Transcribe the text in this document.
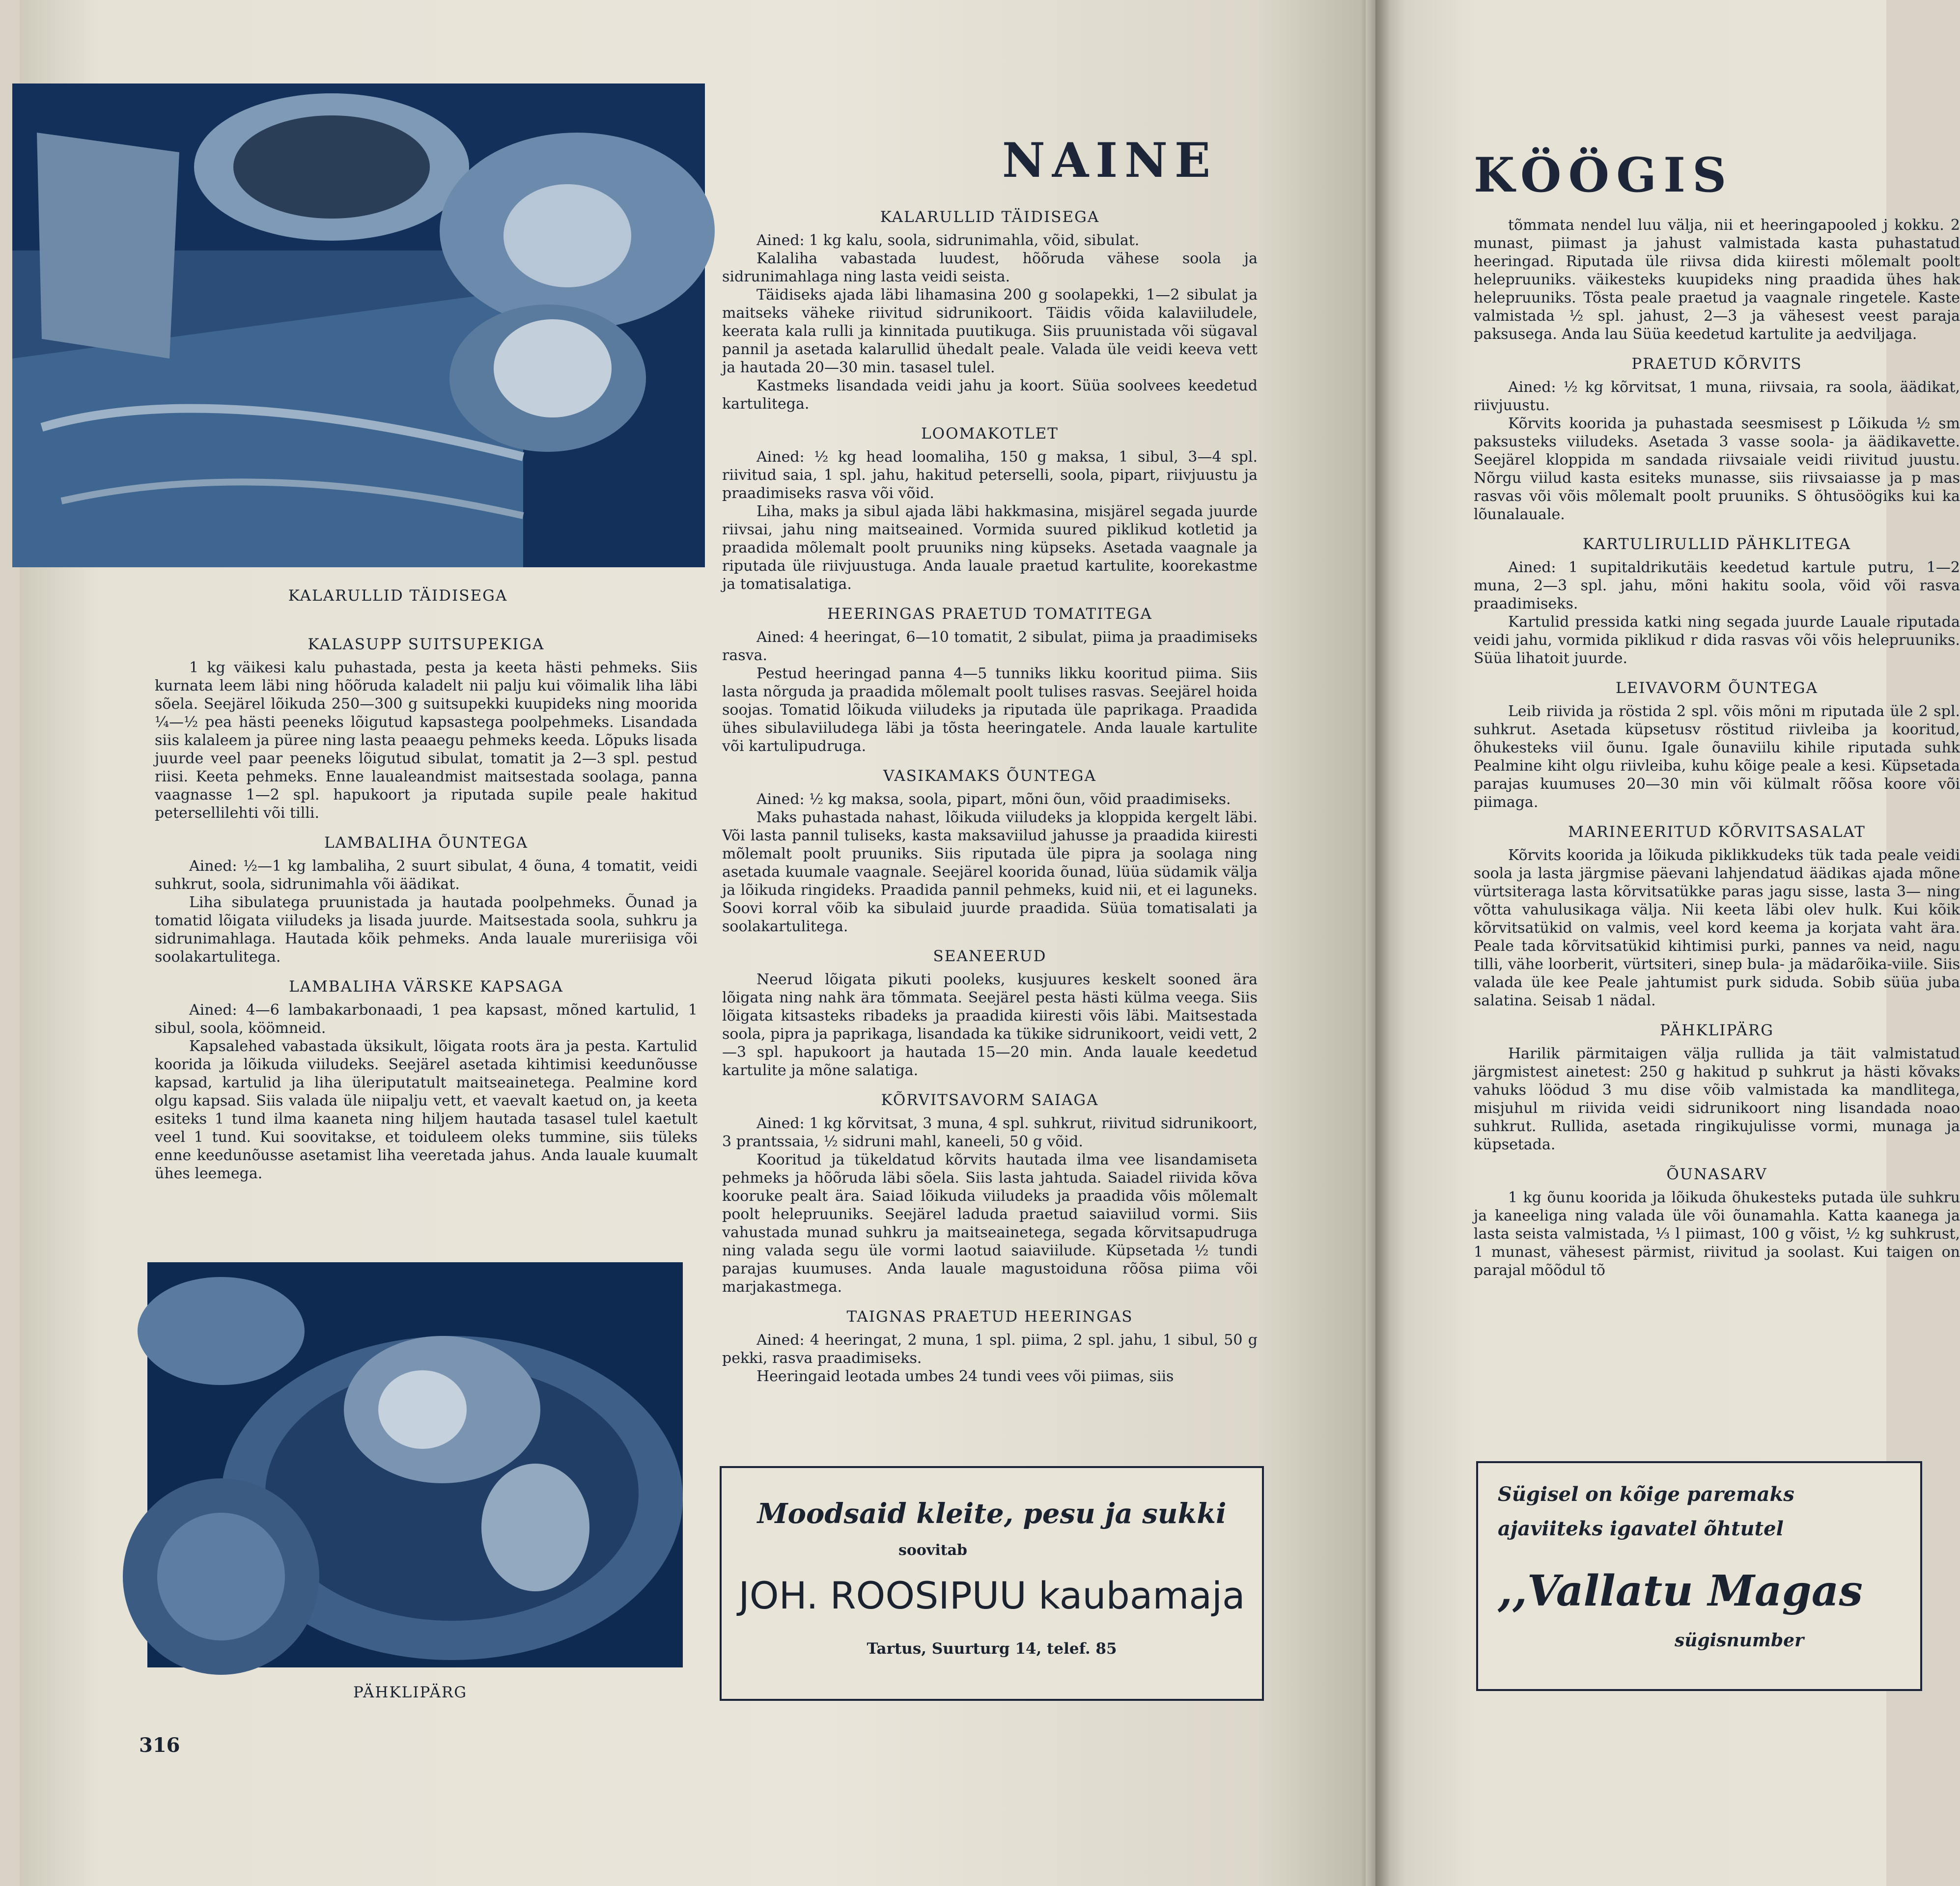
NAINE
KALARULLID TÄIDISEGA
KALASUPP SUITSUPEKIGA

1 kg väikesi kalu puhastada, pesta ja keeta hästi pehmeks. Siis kurnata leem läbi ning hõõruda kaladelt nii palju kui võimalik liha läbi sõela. Seejärel lõikuda 250—300 g suitsupekki kuupideks ning moorida ¼—½ pea hästi peeneks lõigutud kapsastega poolpehmeks. Lisandada siis kalaleem ja püree ning lasta peaaegu pehmeks keeda. Lõpuks lisada juurde veel paar peeneks lõigutud sibulat, tomatit ja 2—3 spl. pestud riisi. Keeta pehmeks. Enne laualeandmist maitsestada soolaga, panna vaagnasse 1—2 spl. hapukoort ja riputada supile peale hakitud petersellilehti või tilli.

LAMBALIHA ÕUNTEGA

Ained: ½—1 kg lambaliha, 2 suurt sibulat, 4 õuna, 4 tomatit, veidi suhkrut, soola, sidrunimahla või äädikat.

Liha sibulatega pruunistada ja hautada poolpehmeks. Õunad ja tomatid lõigata viiludeks ja lisada juurde. Maitsestada soola, suhkru ja sidrunimahlaga. Hautada kõik pehmeks. Anda lauale mureriisiga või soolakartulitega.

LAMBALIHA VÄRSKE KAPSAGA

Ained: 4—6 lambakarbonaadi, 1 pea kapsast, mõned kartulid, 1 sibul, soola, köömneid.

Kapsalehed vabastada üksikult, lõigata roots ära ja pesta. Kartulid koorida ja lõikuda viiludeks. Seejärel asetada kihtimisi keedunõusse kapsad, kartulid ja liha üleriputatult maitseainetega. Pealmine kord olgu kapsad. Siis valada üle niipalju vett, et vaevalt kaetud on, ja keeta esiteks 1 tund ilma kaaneta ning hiljem hautada tasasel tulel kaetult veel 1 tund. Kui soovitakse, et toiduleem oleks tummine, siis tüleks enne keedunõusse asetamist liha veeretada jahus. Anda lauale kuumalt ühes leemega.

PÄHKLIPÄRG
316
KALARULLID TÄIDISEGA

Ained: 1 kg kalu, soola, sidrunimahla, võid, sibulat.

Kalaliha vabastada luudest, hõõruda vähese soola ja sidrunimahlaga ning lasta veidi seista.

Täidiseks ajada läbi lihamasina 200 g soolapekki, 1—2 sibulat ja maitseks väheke riivitud sidrunikoort. Täidis võida kalaviiludele, keerata kala rulli ja kinnitada puutikuga. Siis pruunistada või sügaval pannil ja asetada kalarullid ühedalt peale. Valada üle veidi keeva vett ja hautada 20—30 min. tasasel tulel.

Kastmeks lisandada veidi jahu ja koort. Süüa soolvees keedetud kartulitega.

LOOMAKOTLET

Ained: ½ kg head loomaliha, 150 g maksa, 1 sibul, 3—4 spl. riivitud saia, 1 spl. jahu, hakitud peterselli, soola, pipart, riivjuustu ja praadimiseks rasva või võid.

Liha, maks ja sibul ajada läbi hakkmasina, misjärel segada juurde riivsai, jahu ning maitseained. Vormida suured piklikud kotletid ja praadida mõlemalt poolt pruuniks ning küpseks. Asetada vaagnale ja riputada üle riivjuustuga. Anda lauale praetud kartulite, koorekastme ja tomatisalatiga.

HEERINGAS PRAETUD TOMATITEGA

Ained: 4 heeringat, 6—10 tomatit, 2 sibulat, piima ja praadimiseks rasva.

Pestud heeringad panna 4—5 tunniks likku kooritud piima. Siis lasta nõrguda ja praadida mõlemalt poolt tulises rasvas. Seejärel hoida soojas. Tomatid lõikuda viiludeks ja riputada üle paprikaga. Praadida ühes sibulaviiludega läbi ja tõsta heeringatele. Anda lauale kartulite või kartulipudruga.

VASIKAMAKS ÕUNTEGA

Ained: ½ kg maksa, soola, pipart, mõni õun, võid praadimiseks.

Maks puhastada nahast, lõikuda viiludeks ja kloppida kergelt läbi. Või lasta pannil tuliseks, kasta maksaviilud jahusse ja praadida kiiresti mõlemalt poolt pruuniks. Siis riputada üle pipra ja soolaga ning asetada kuumale vaagnale. Seejärel koorida õunad, lüüa südamik välja ja lõikuda ringideks. Praadida pannil pehmeks, kuid nii, et ei laguneks. Soovi korral võib ka sibulaid juurde praadida. Süüa tomatisalati ja soolakartulitega.

SEANEERUD

Neerud lõigata pikuti pooleks, kusjuures keskelt sooned ära lõigata ning nahk ära tõmmata. Seejärel pesta hästi külma veega. Siis lõigata kitsasteks ribadeks ja praadida kiiresti võis läbi. Maitsestada soola, pipra ja paprikaga, lisandada ka tükike sidrunikoort, veidi vett, 2—3 spl. hapukoort ja hautada 15—20 min. Anda lauale keedetud kartulite ja mõne salatiga.

KÕRVITSAVORM SAIAGA

Ained: 1 kg kõrvitsat, 3 muna, 4 spl. suhkrut, riivitud sidrunikoort, 3 prantssaia, ½ sidruni mahl, kaneeli, 50 g võid.

Kooritud ja tükeldatud kõrvits hautada ilma vee lisandamiseta pehmeks ja hõõruda läbi sõela. Siis lasta jahtuda. Saiadel riivida kõva kooruke pealt ära. Saiad lõikuda viiludeks ja praadida võis mõlemalt poolt helepruuniks. Seejärel laduda praetud saiaviilud vormi. Siis vahustada munad suhkru ja maitseainetega, segada kõrvitsapudruga ning valada segu üle vormi laotud saiaviilude. Küpsetada ½ tundi parajas kuumuses. Anda lauale magustoiduna rõõsa piima või marjakastmega.

TAIGNAS PRAETUD HEERINGAS

Ained: 4 heeringat, 2 muna, 1 spl. piima, 2 spl. jahu, 1 sibul, 50 g pekki, rasva praadimiseks.

Heeringaid leotada umbes 24 tundi vees või piimas, siis

Moodsaid kleite, pesu ja sukki
soovitab
JOH. ROOSIPUU kaubamaja
Tartus, Suurturg 14, telef. 85
KÖÖGIS

tõmmata nendel luu välja, nii et heeringapooled j kokku. 2 munast, piimast ja jahust valmistada kasta puhastatud heeringad. Riputada üle riivsa dida kiiresti mõlemalt poolt helepruuniks. väikesteks kuupideks ning praadida ühes hak helepruuniks. Tõsta peale praetud ja vaagnale ringetele. Kaste valmistada ½ spl. jahust, 2—3 ja vähesest veest paraja paksusega. Anda lau Süüa keedetud kartulite ja aedviljaga.

PRAETUD KÕRVITS

Ained: ½ kg kõrvitsat, 1 muna, riivsaia, ra soola, äädikat, riivjuustu.

Kõrvits koorida ja puhastada seesmisest p Lõikuda ½ sm paksusteks viiludeks. Asetada 3 vasse soola- ja äädikavette. Seejärel kloppida m sandada riivsaiale veidi riivitud juustu. Nõrgu viilud kasta esiteks munasse, siis riivsaiasse ja p mas rasvas või võis mõlemalt poolt pruuniks. S õhtusöögiks kui ka lõunalauale.

KARTULIRULLID PÄHKLITEGA

Ained: 1 supitaldrikutäis keedetud kartule putru, 1—2 muna, 2—3 spl. jahu, mõni hakitu soola, võid või rasva praadimiseks.

Kartulid pressida katki ning segada juurde Lauale riputada veidi jahu, vormida piklikud r dida rasvas või võis helepruuniks. Süüa lihatoit juurde.

LEIVAVORM ÕUNTEGA

Leib riivida ja röstida 2 spl. võis mõni m riputada üle 2 spl. suhkrut. Asetada küpsetusv röstitud riivleiba ja kooritud, õhukesteks viil õunu. Igale õunaviilu kihile riputada suhk Pealmine kiht olgu riivleiba, kuhu kõige peale a kesi. Küpsetada parajas kuumuses 20—30 min või külmalt rõõsa koore või piimaga.

MARINEERITUD KÕRVITSASALAT

Kõrvits koorida ja lõikuda piklikkudeks tük tada peale veidi soola ja lasta järgmise päevani lahjendatud äädikas ajada mõne vürtsiteraga lasta kõrvitsatükke paras jagu sisse, lasta 3— ning võtta vahulusikaga välja. Nii keeta läbi olev hulk. Kui kõik kõrvitsatükid on valmis, veel kord keema ja korjata vaht ära. Peale tada kõrvitsatükid kihtimisi purki, pannes va neid, nagu tilli, vähe loorberit, vürtsiteri, sinep bula- ja mädarõika-viile. Siis valada üle kee Peale jahtumist purk siduda. Sobib süüa juba salatina. Seisab 1 nädal.

PÄHKLIPÄRG

Harilik pärmitaigen välja rullida ja täit valmistatud järgmistest ainetest: 250 g hakitud p suhkrut ja hästi kõvaks vahuks löödud 3 mu dise võib valmistada ka mandlitega, misjuhul m riivida veidi sidrunikoort ning lisandada noao suhkrut. Rullida, asetada ringikujulisse vormi, munaga ja küpsetada.

ÕUNASARV

1 kg õunu koorida ja lõikuda õhukesteks putada üle suhkru ja kaneeliga ning valada üle või õunamahla. Katta kaanega ja lasta seista valmistada, ⅓ l piimast, 100 g võist, ½ kg suhkrust, 1 munast, vähesest pärmist, riivitud ja soolast. Kui taigen on parajal mõõdul tõ

Sügisel on kõige paremaks
ajaviiteks igavatel õhtutel
,,Vallatu Magas
sügisnumber
